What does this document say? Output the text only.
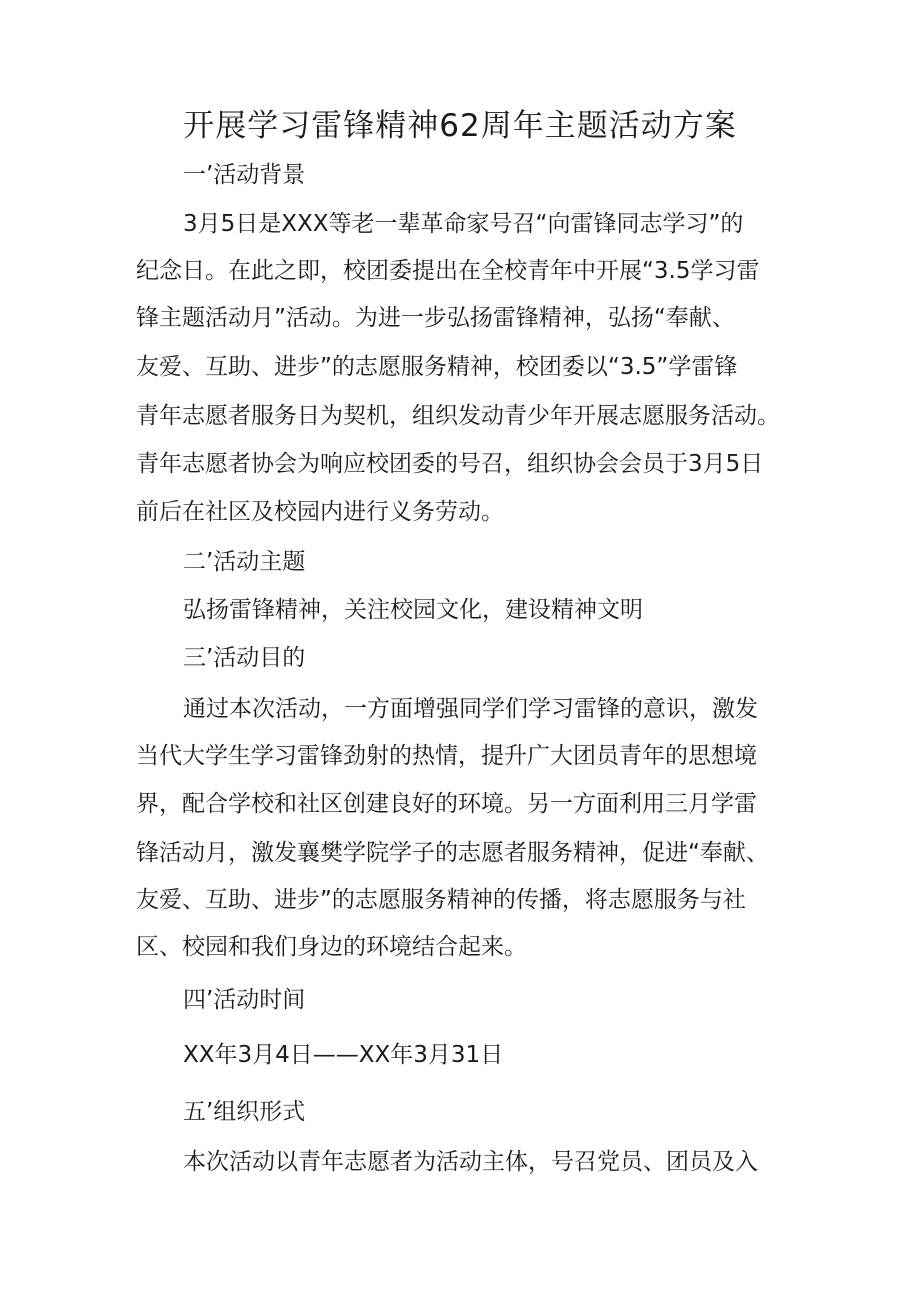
开展学习雷锋精神62周年主题活动方案
一’活动背景
3月5日是XXX等老一辈革命家号召“向雷锋同志学习”的
纪念日。在此之即，校团委提出在全校青年中开展“3.5学习雷
锋主题活动月”活动。为进一步弘扬雷锋精神，弘扬“奉献、
友爱、互助、进步”的志愿服务精神，校团委以“3.5”学雷锋
青年志愿者服务日为契机，组织发动青少年开展志愿服务活动。
青年志愿者协会为响应校团委的号召，组织协会会员于3月5日
前后在社区及校园内进行义务劳动。
二’活动主题
弘扬雷锋精神，关注校园文化，建设精神文明
三’活动目的
通过本次活动，一方面增强同学们学习雷锋的意识，激发
当代大学生学习雷锋劲射的热情，提升广大团员青年的思想境
界，配合学校和社区创建良好的环境。另一方面利用三月学雷
锋活动月，激发襄樊学院学子的志愿者服务精神，促进“奉献、
友爱、互助、进步”的志愿服务精神的传播，将志愿服务与社
区、校园和我们身边的环境结合起来。
四’活动时间
XX年3月4日——XX年3月31日
五’组织形式
本次活动以青年志愿者为活动主体，号召党员、团员及入
